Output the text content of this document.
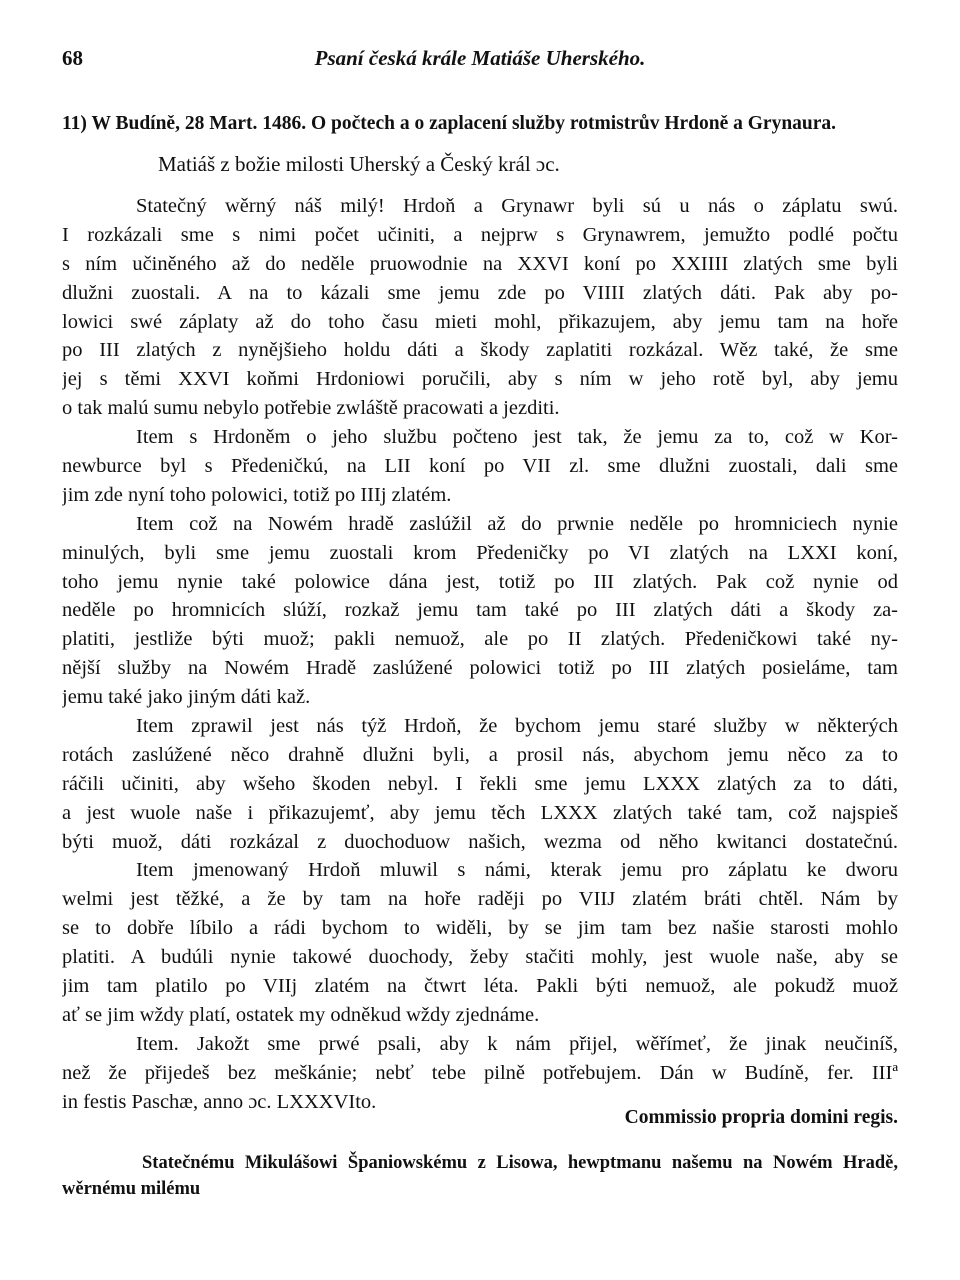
68	Psaní česká krále Matiáše Uherského.
11) W Budíně, 28 Mart. 1486. O počtech a o zaplacení služby rotmistrův Hrdoně a Grynaura.
Matiáš z božie milosti Uherský a Český král ɔc.
Statečný wěrný náš milý! Hrdoň a Grynawr byli sú u nás o záplatu swú.
I rozkázali sme s nimi počet učiniti, a nejprw s Grynawrem, jemužto podlé počtu
s ním učiněného až do neděle pruowodnie na XXVI koní po XXIIII zlatých sme byli
dlužni zuostali. A na to kázali sme jemu zde po VIIII zlatých dáti. Pak aby po-
lowici swé záplaty až do toho času mieti mohl, přikazujem, aby jemu tam na hoře
po III zlatých z nynějšieho holdu dáti a škody zaplatiti rozkázal. Wěz také, že sme
jej s těmi XXVI koňmi Hrdoniowi poručili, aby s ním w jeho rotě byl, aby jemu
o tak malú sumu nebylo potřebie zwláště pracowati a jezditi.
Item s Hrdoněm o jeho službu počteno jest tak, že jemu za to, což w Kor-
newburce byl s Předeničkú, na LII koní po VII zl. sme dlužni zuostali, dali sme
jim zde nyní toho polowici, totiž po IIIj zlatém.
Item což na Nowém hradě zaslúžil až do prwnie neděle po hromniciech nynie
minulých, byli sme jemu zuostali krom Předeničky po VI zlatých na LXXI koní,
toho jemu nynie také polowice dána jest, totiž po III zlatých. Pak což nynie od
neděle po hromnicích slúží, rozkaž jemu tam také po III zlatých dáti a škody za-
platiti, jestliže býti muož; pakli nemuož, ale po II zlatých. Předeničkowi také ny-
nější služby na Nowém Hradě zaslúžené polowici totiž po III zlatých posieláme, tam
jemu také jako jiným dáti kaž.
Item zprawil jest nás týž Hrdoň, že bychom jemu staré služby w některých
rotách zaslúžené něco drahně dlužni byli, a prosil nás, abychom jemu něco za to
ráčili učiniti, aby wšeho škoden nebyl. I řekli sme jemu LXXX zlatých za to dáti,
a jest wuole naše i přikazujemť, aby jemu těch LXXX zlatých také tam, což najspieš
býti muož, dáti rozkázal z duochoduow našich, wezma od něho kwitanci dostatečnú.
Item jmenowaný Hrdoň mluwil s námi, kterak jemu pro záplatu ke dworu
welmi jest těžké, a že by tam na hoře raději po VIIJ zlatém bráti chtěl. Nám by
se to dobře líbilo a rádi bychom to widěli, by se jim tam bez našie starosti mohlo
platiti. A budúli nynie takowé duochody, žeby stačiti mohly, jest wuole naše, aby se
jim tam platilo po VIIj zlatém na čtwrt léta. Pakli býti nemuož, ale pokudž muož
ať se jim wždy platí, ostatek my odněkud wždy zjednáme.
Item. Jakožt sme prwé psali, aby k nám přijel, wěřímeť, že jinak neučiníš,
než že přijedeš bez meškánie; nebť tebe pilně potřebujem. Dán w Budíně, fer. IIIª
in festis Paschæ, anno ɔc. LXXXVIto.
Commissio propria domini regis.
Statečnému Mikulášowi Španiowskému z Lisowa, hewptmanu našemu na Nowém Hradě,
wěrnému milému
